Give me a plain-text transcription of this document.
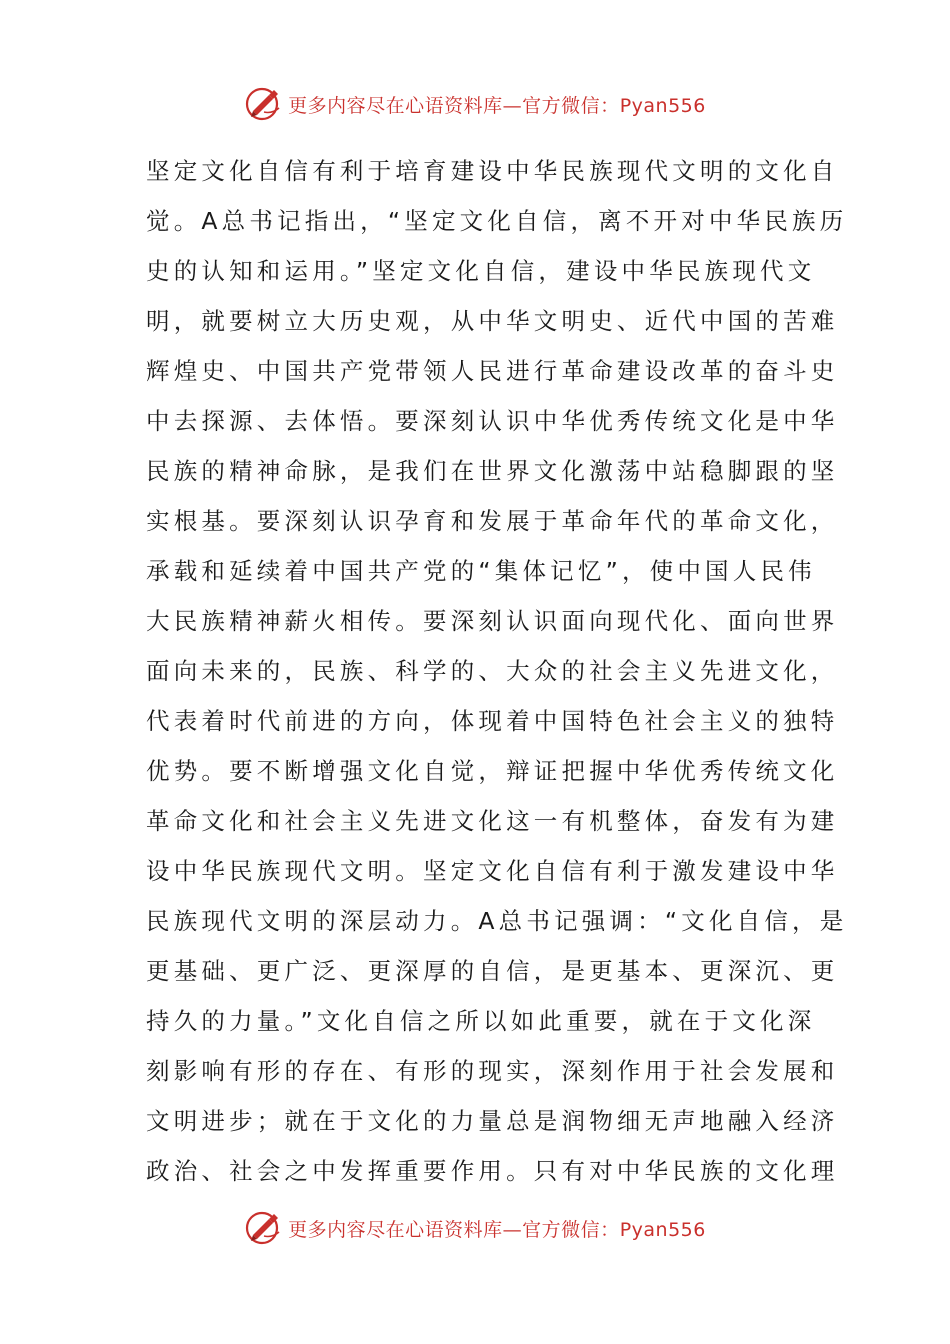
更多内容尽在心语资料库—官方微信：Pyan556
坚定文化自信有利于培育建设中华民族现代文明的文化自
觉。A总书记指出，“坚定文化自信，离不开对中华民族历
史的认知和运用。”坚定文化自信，建设中华民族现代文
明，就要树立大历史观，从中华文明史、近代中国的苦难
辉煌史、中国共产党带领人民进行革命建设改革的奋斗史
中去探源、去体悟。要深刻认识中华优秀传统文化是中华
民族的精神命脉，是我们在世界文化激荡中站稳脚跟的坚
实根基。要深刻认识孕育和发展于革命年代的革命文化，
承载和延续着中国共产党的“集体记忆”，使中国人民伟
大民族精神薪火相传。要深刻认识面向现代化、面向世界
面向未来的，民族、科学的、大众的社会主义先进文化，
代表着时代前进的方向，体现着中国特色社会主义的独特
优势。要不断增强文化自觉，辩证把握中华优秀传统文化
革命文化和社会主义先进文化这一有机整体，奋发有为建
设中华民族现代文明。坚定文化自信有利于激发建设中华
民族现代文明的深层动力。A总书记强调：“文化自信，是
更基础、更广泛、更深厚的自信，是更基本、更深沉、更
持久的力量。”文化自信之所以如此重要，就在于文化深
刻影响有形的存在、有形的现实，深刻作用于社会发展和
文明进步；就在于文化的力量总是润物细无声地融入经济
政治、社会之中发挥重要作用。只有对中华民族的文化理
更多内容尽在心语资料库—官方微信：Pyan556
